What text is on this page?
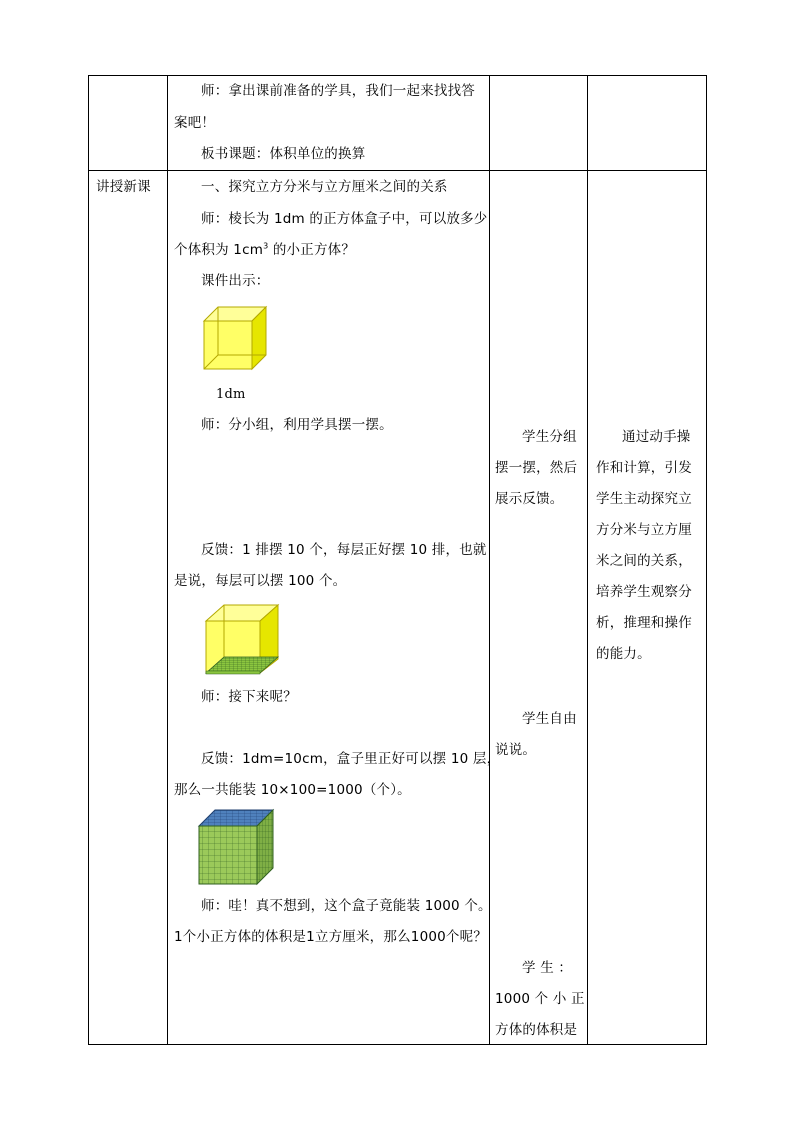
师：拿出课前准备的学具，我们一起来找找答
案吧！
板书课题：体积单位的换算
讲授新课	一、探究立方分米与立方厘米之间的关系
师：棱长为 1dm 的正方体盒子中，可以放多少
个体积为 $1cm^3$ 的小正方体？
课件出示：
1dm
师：分小组，利用学具摆一摆。
反馈：1 排摆 10 个，每层正好摆 10 排，也就
是说，每层可以摆 100 个。
师：接下来呢？
反馈：1dm=10cm，盒子里正好可以摆 10 层，
那么一共能装 10×100=1000（个）。
师：哇！真不想到，这个盒子竟能装 1000 个。
1个小正方体的体积是1立方厘米，那么1000个呢？
学生分组
摆一摆，然后
展示反馈。
学生自由
说说。
学 生 ：
1000 个 小 正
方体的体积是
通过动手操
作和计算，引发
学生主动探究立
方分米与立方厘
米之间的关系，
培养学生观察分
析，推理和操作
的能力。
